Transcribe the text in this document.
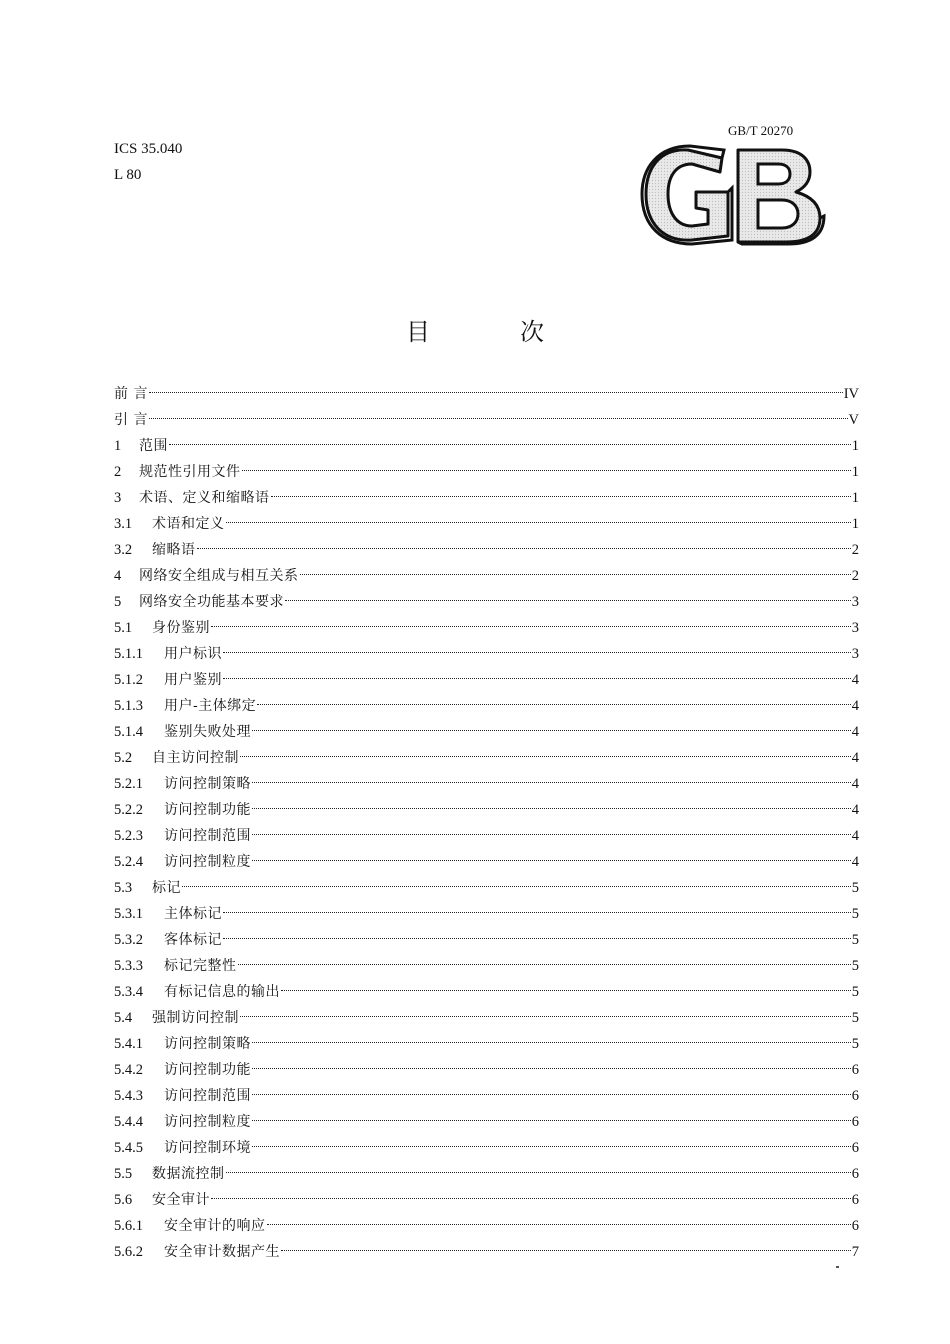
ICS 35.040
L 80
GB/T 20270
目次
前 言	IV
引 言	V
1	范围	1
2	规范性引用文件	1
3	术语、定义和缩略语	1
3.1	术语和定义	1
3.2	缩略语	2
4	网络安全组成与相互关系	2
5	网络安全功能基本要求	3
5.1	身份鉴别	3
5.1.1	用户标识	3
5.1.2	用户鉴别	4
5.1.3	用户-主体绑定	4
5.1.4	鉴别失败处理	4
5.2	自主访问控制	4
5.2.1	访问控制策略	4
5.2.2	访问控制功能	4
5.2.3	访问控制范围	4
5.2.4	访问控制粒度	4
5.3	标记	5
5.3.1	主体标记	5
5.3.2	客体标记	5
5.3.3	标记完整性	5
5.3.4	有标记信息的输出	5
5.4	强制访问控制	5
5.4.1	访问控制策略	5
5.4.2	访问控制功能	6
5.4.3	访问控制范围	6
5.4.4	访问控制粒度	6
5.4.5	访问控制环境	6
5.5	数据流控制	6
5.6	安全审计	6
5.6.1	安全审计的响应	6
5.6.2	安全审计数据产生	7
